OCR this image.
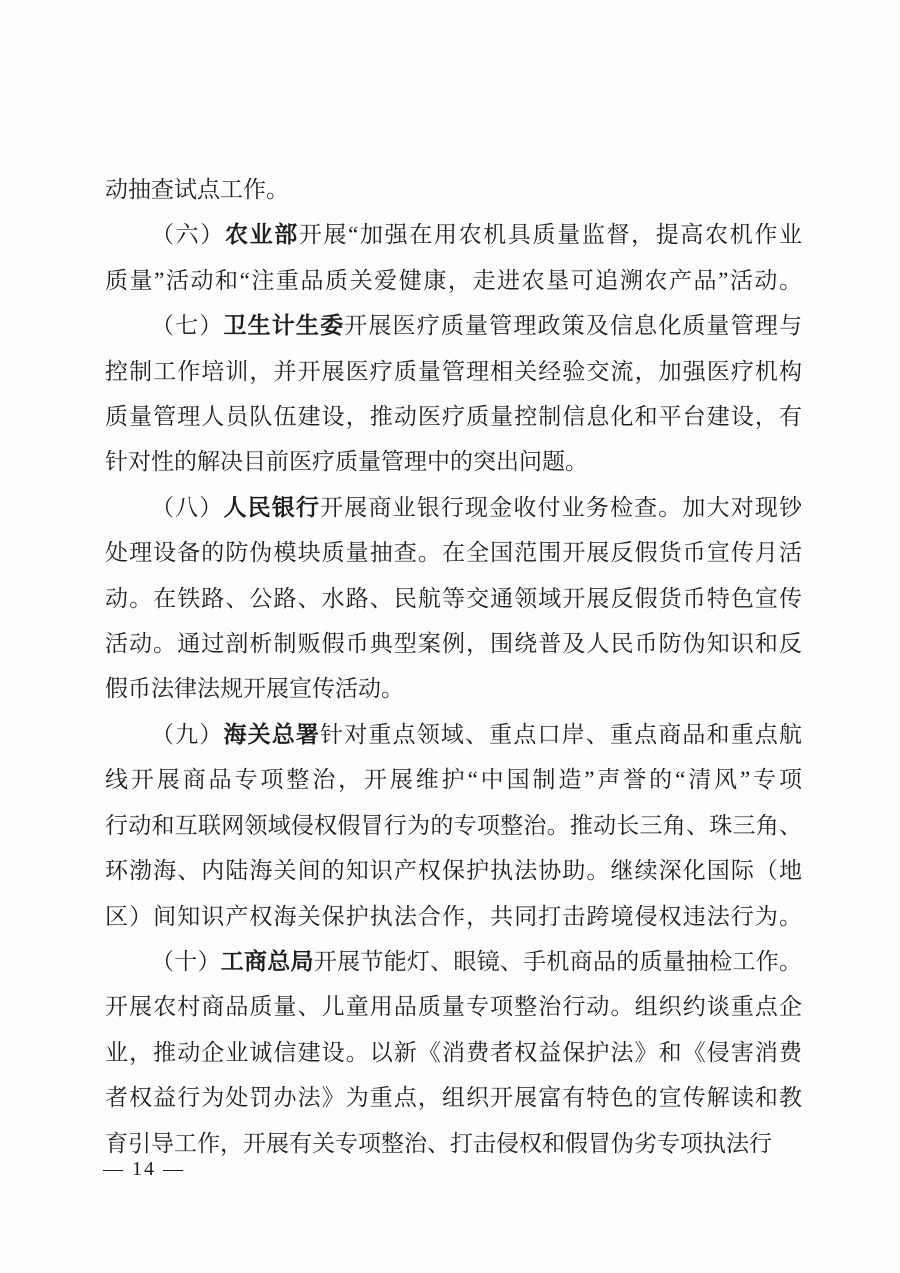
动抽查试点工作。
（六）农业部开展“加强在用农机具质量监督，提高农机作业
质量”活动和“注重品质关爱健康，走进农垦可追溯农产品”活动。
（七）卫生计生委开展医疗质量管理政策及信息化质量管理与
控制工作培训，并开展医疗质量管理相关经验交流，加强医疗机构
质量管理人员队伍建设，推动医疗质量控制信息化和平台建设，有
针对性的解决目前医疗质量管理中的突出问题。
（八）人民银行开展商业银行现金收付业务检查。加大对现钞
处理设备的防伪模块质量抽查。在全国范围开展反假货币宣传月活
动。在铁路、公路、水路、民航等交通领域开展反假货币特色宣传
活动。通过剖析制贩假币典型案例，围绕普及人民币防伪知识和反
假币法律法规开展宣传活动。
（九）海关总署针对重点领域、重点口岸、重点商品和重点航
线开展商品专项整治，开展维护“中国制造”声誉的“清风”专项
行动和互联网领域侵权假冒行为的专项整治。推动长三角、珠三角、
环渤海、内陆海关间的知识产权保护执法协助。继续深化国际（地
区）间知识产权海关保护执法合作，共同打击跨境侵权违法行为。
（十）工商总局开展节能灯、眼镜、手机商品的质量抽检工作。
开展农村商品质量、儿童用品质量专项整治行动。组织约谈重点企
业，推动企业诚信建设。以新《消费者权益保护法》和《侵害消费
者权益行为处罚办法》为重点，组织开展富有特色的宣传解读和教
育引导工作，开展有关专项整治、打击侵权和假冒伪劣专项执法行
— 14 —
